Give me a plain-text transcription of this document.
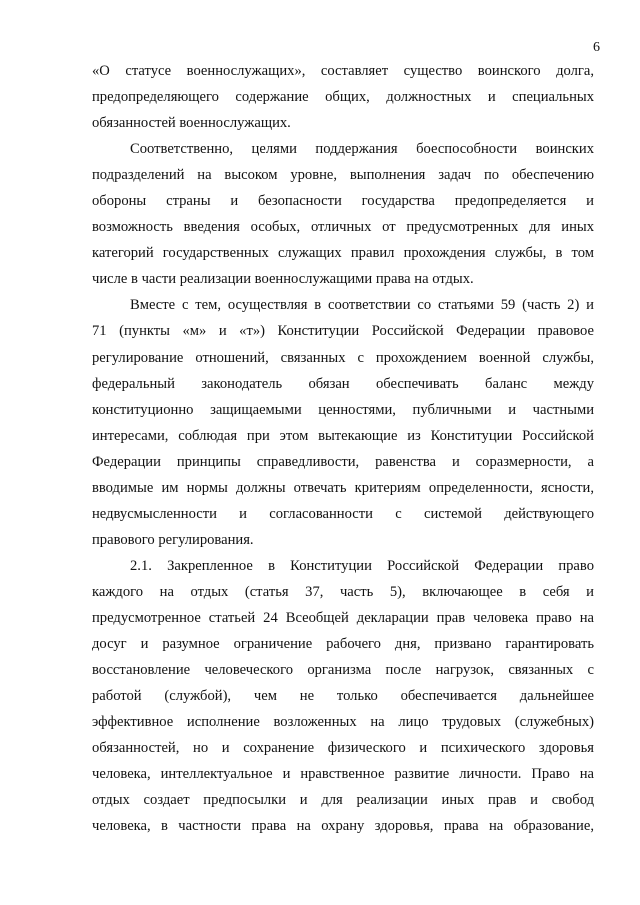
6
«О статусе военнослужащих», составляет существо воинского долга,
предопределяющего содержание общих, должностных и специальных
обязанностей военнослужащих.
Соответственно, целями поддержания боеспособности воинских
подразделений на высоком уровне, выполнения задач по обеспечению
обороны страны и безопасности государства предопределяется и
возможность введения особых, отличных от предусмотренных для иных
категорий государственных служащих правил прохождения службы, в том
числе в части реализации военнослужащими права на отдых.
Вместе с тем, осуществляя в соответствии со статьями 59 (часть 2) и
71 (пункты «м» и «т») Конституции Российской Федерации правовое
регулирование отношений, связанных с прохождением военной службы,
федеральный законодатель обязан обеспечивать баланс между
конституционно защищаемыми ценностями, публичными и частными
интересами, соблюдая при этом вытекающие из Конституции Российской
Федерации принципы справедливости, равенства и соразмерности, а
вводимые им нормы должны отвечать критериям определенности, ясности,
недвусмысленности и согласованности с системой действующего
правового регулирования.
2.1. Закрепленное в Конституции Российской Федерации право
каждого на отдых (статья 37, часть 5), включающее в себя и
предусмотренное статьей 24 Всеобщей декларации прав человека право на
досуг и разумное ограничение рабочего дня, призвано гарантировать
восстановление человеческого организма после нагрузок, связанных с
работой (службой), чем не только обеспечивается дальнейшее
эффективное исполнение возложенных на лицо трудовых (служебных)
обязанностей, но и сохранение физического и психического здоровья
человека, интеллектуальное и нравственное развитие личности. Право на
отдых создает предпосылки и для реализации иных прав и свобод
человека, в частности права на охрану здоровья, права на образование,
